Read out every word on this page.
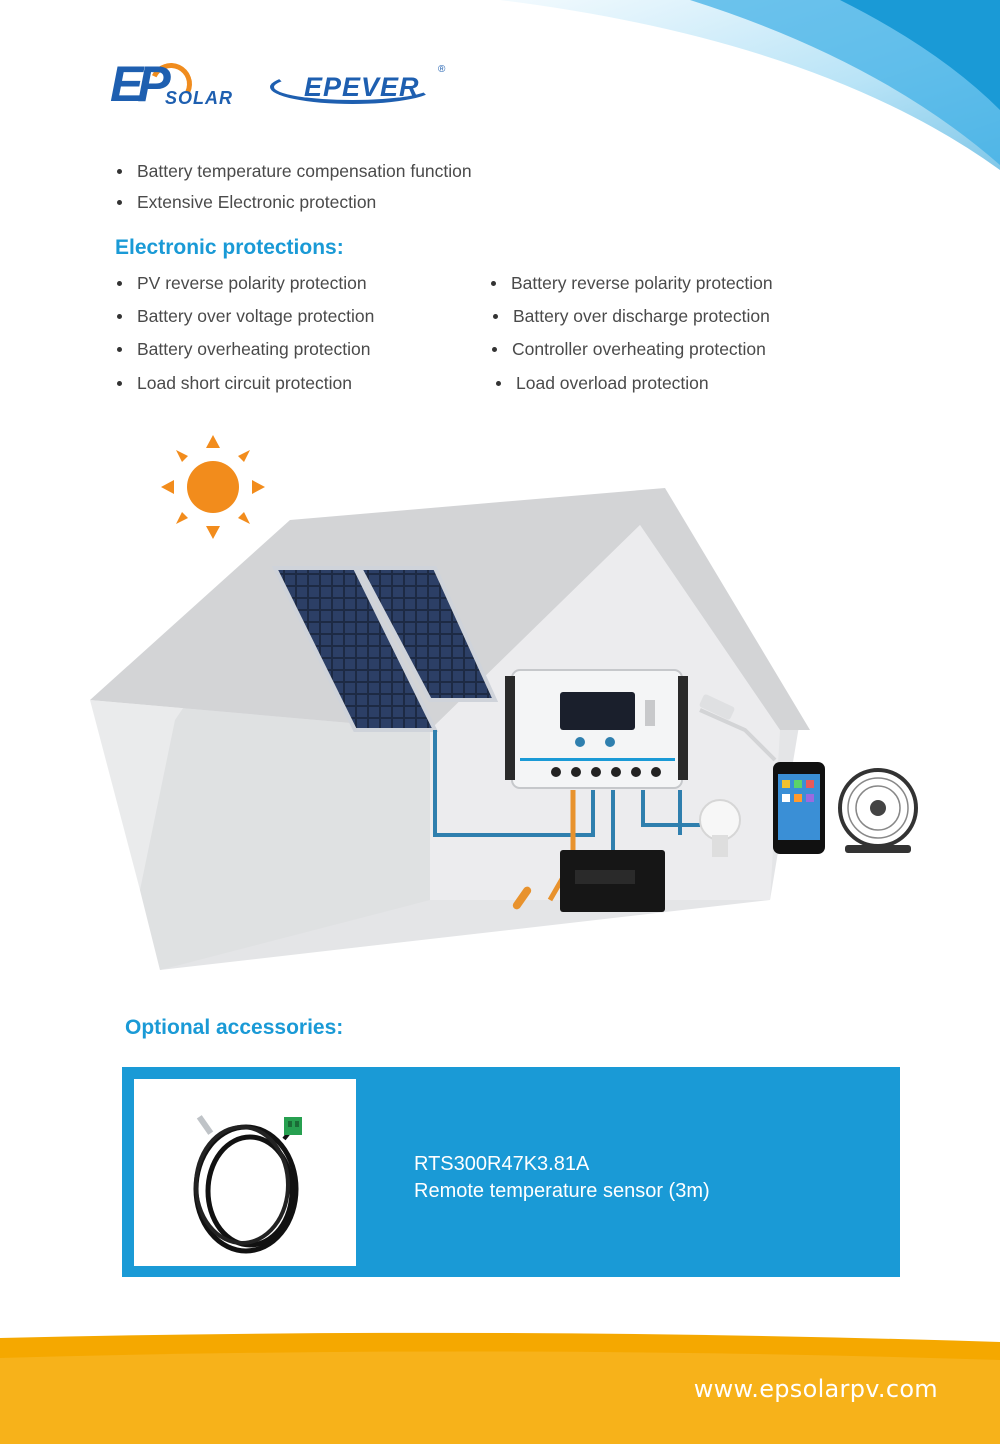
EP SOLAR	EPEVER
®
Battery temperature compensation function
Extensive Electronic protection
Electronic protections:
PV reverse polarity protection
Battery over voltage protection
Battery overheating protection
Load short circuit protection
Battery reverse polarity protection
Battery over discharge protection
Controller overheating protection
Load overload protection
Optional accessories:
RTS300R47K3.81A
Remote temperature sensor (3m)
www.epsolarpv.com
